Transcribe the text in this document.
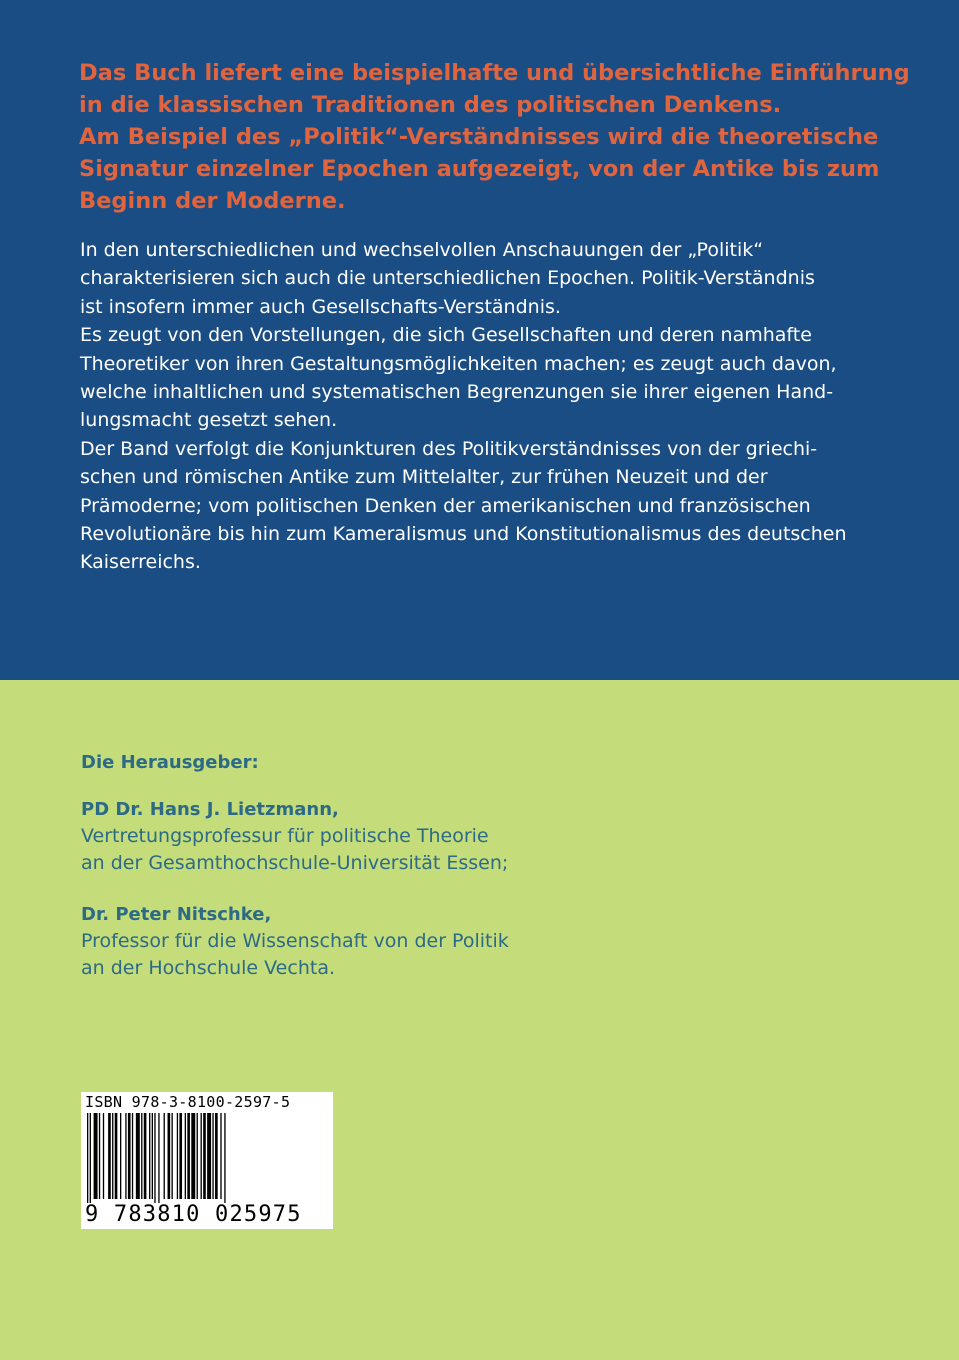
Das Buch liefert eine beispielhafte und übersichtliche Einführung

in die klassischen Traditionen des politischen Denkens.

Am Beispiel des „Politik“-Verständnisses wird die theoretische

Signatur einzelner Epochen aufgezeigt, von der Antike bis zum

Beginn der Moderne.

In den unterschiedlichen und wechselvollen Anschauungen der „Politik“

charakterisieren sich auch die unterschiedlichen Epochen. Politik-Verständnis

ist insofern immer auch Gesellschafts-Verständnis.

Es zeugt von den Vorstellungen, die sich Gesellschaften und deren namhafte

Theoretiker von ihren Gestaltungsmöglichkeiten machen; es zeugt auch davon,

welche inhaltlichen und systematischen Begrenzungen sie ihrer eigenen Hand-

lungsmacht gesetzt sehen.

Der Band verfolgt die Konjunkturen des Politikverständnisses von der griechi-

schen und römischen Antike zum Mittelalter, zur frühen Neuzeit und der

Prämoderne; vom politischen Denken der amerikanischen und französischen

Revolutionäre bis hin zum Kameralismus und Konstitutionalismus des deutschen

Kaiserreichs.

Die Herausgeber:
PD Dr. Hans J. Lietzmann,
Vertretungsprofessur für politische Theorie
an der Gesamthochschule-Universität Essen;
Dr. Peter Nitschke,
Professor für die Wissenschaft von der Politik
an der Hochschule Vechta.
ISBN 978-3-8100-2597-5
9 783810 025975
